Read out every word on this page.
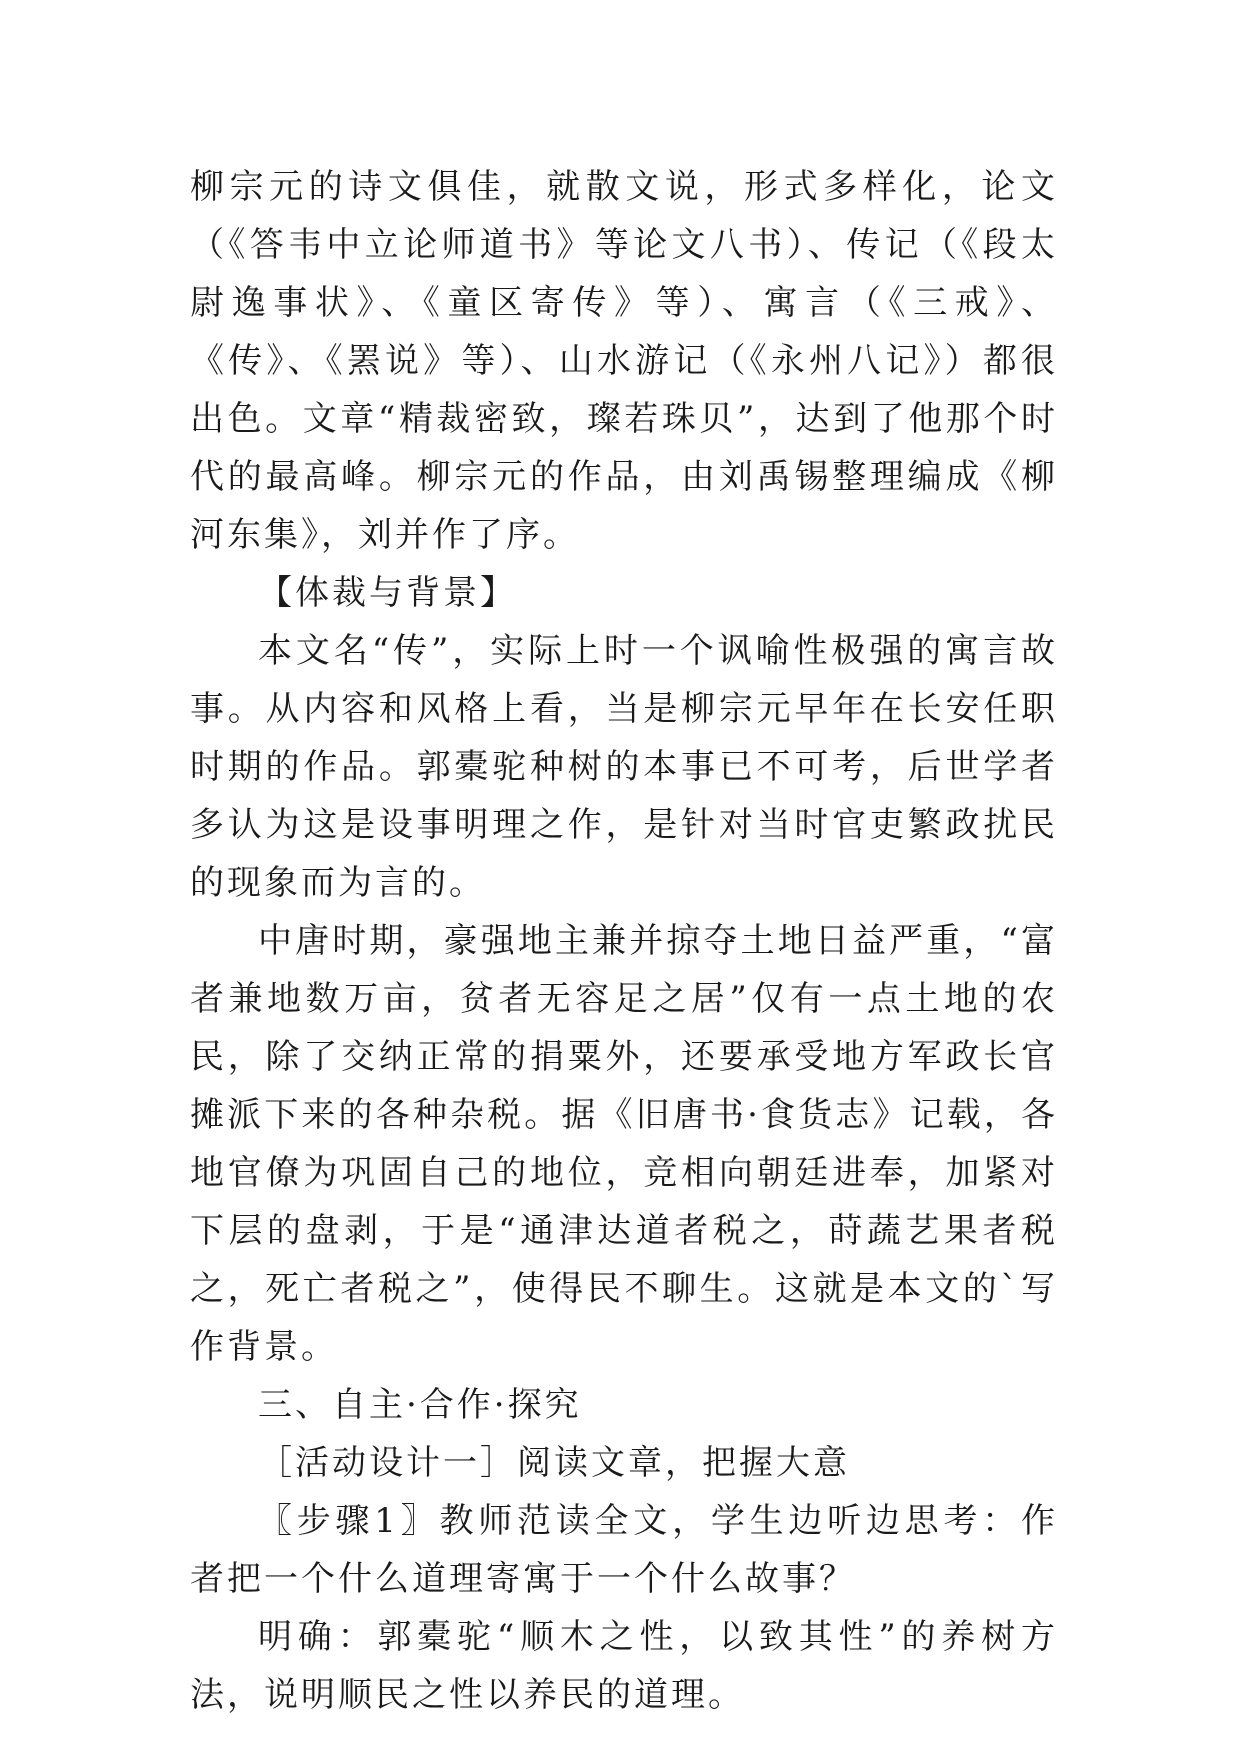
柳宗元的诗文俱佳，就散文说，形式多样化，论文（《答韦中立论师道书》等论文八书）、传记（《段太尉逸事状》、《童区寄传》等）、寓言（《三戒》、《传》、《罴说》等）、山水游记（《永州八记》）都很出色。文章“精裁密致，璨若珠贝”，达到了他那个时代的最高峰。柳宗元的作品，由刘禹锡整理编成《柳河东集》，刘并作了序。

【体裁与背景】

本文名“传”，实际上时一个讽喻性极强的寓言故事。从内容和风格上看，当是柳宗元早年在长安任职时期的作品。郭橐驼种树的本事已不可考，后世学者多认为这是设事明理之作，是针对当时官吏繁政扰民的现象而为言的。

中唐时期，豪强地主兼并掠夺土地日益严重，“富者兼地数万亩，贫者无容足之居”仅有一点土地的农民，除了交纳正常的捐粟外，还要承受地方军政长官摊派下来的各种杂税。据《旧唐书·食货志》记载，各地官僚为巩固自己的地位，竞相向朝廷进奉，加紧对下层的盘剥，于是“通津达道者税之，莳蔬艺果者税之，死亡者税之”，使得民不聊生。这就是本文的`写作背景。

三、自主·合作·探究

［活动设计一］阅读文章，把握大意

〖步骤1〗教师范读全文，学生边听边思考：作者把一个什么道理寄寓于一个什么故事？

明确：郭橐驼“顺木之性，以致其性”的养树方法，说明顺民之性以养民的道理。
